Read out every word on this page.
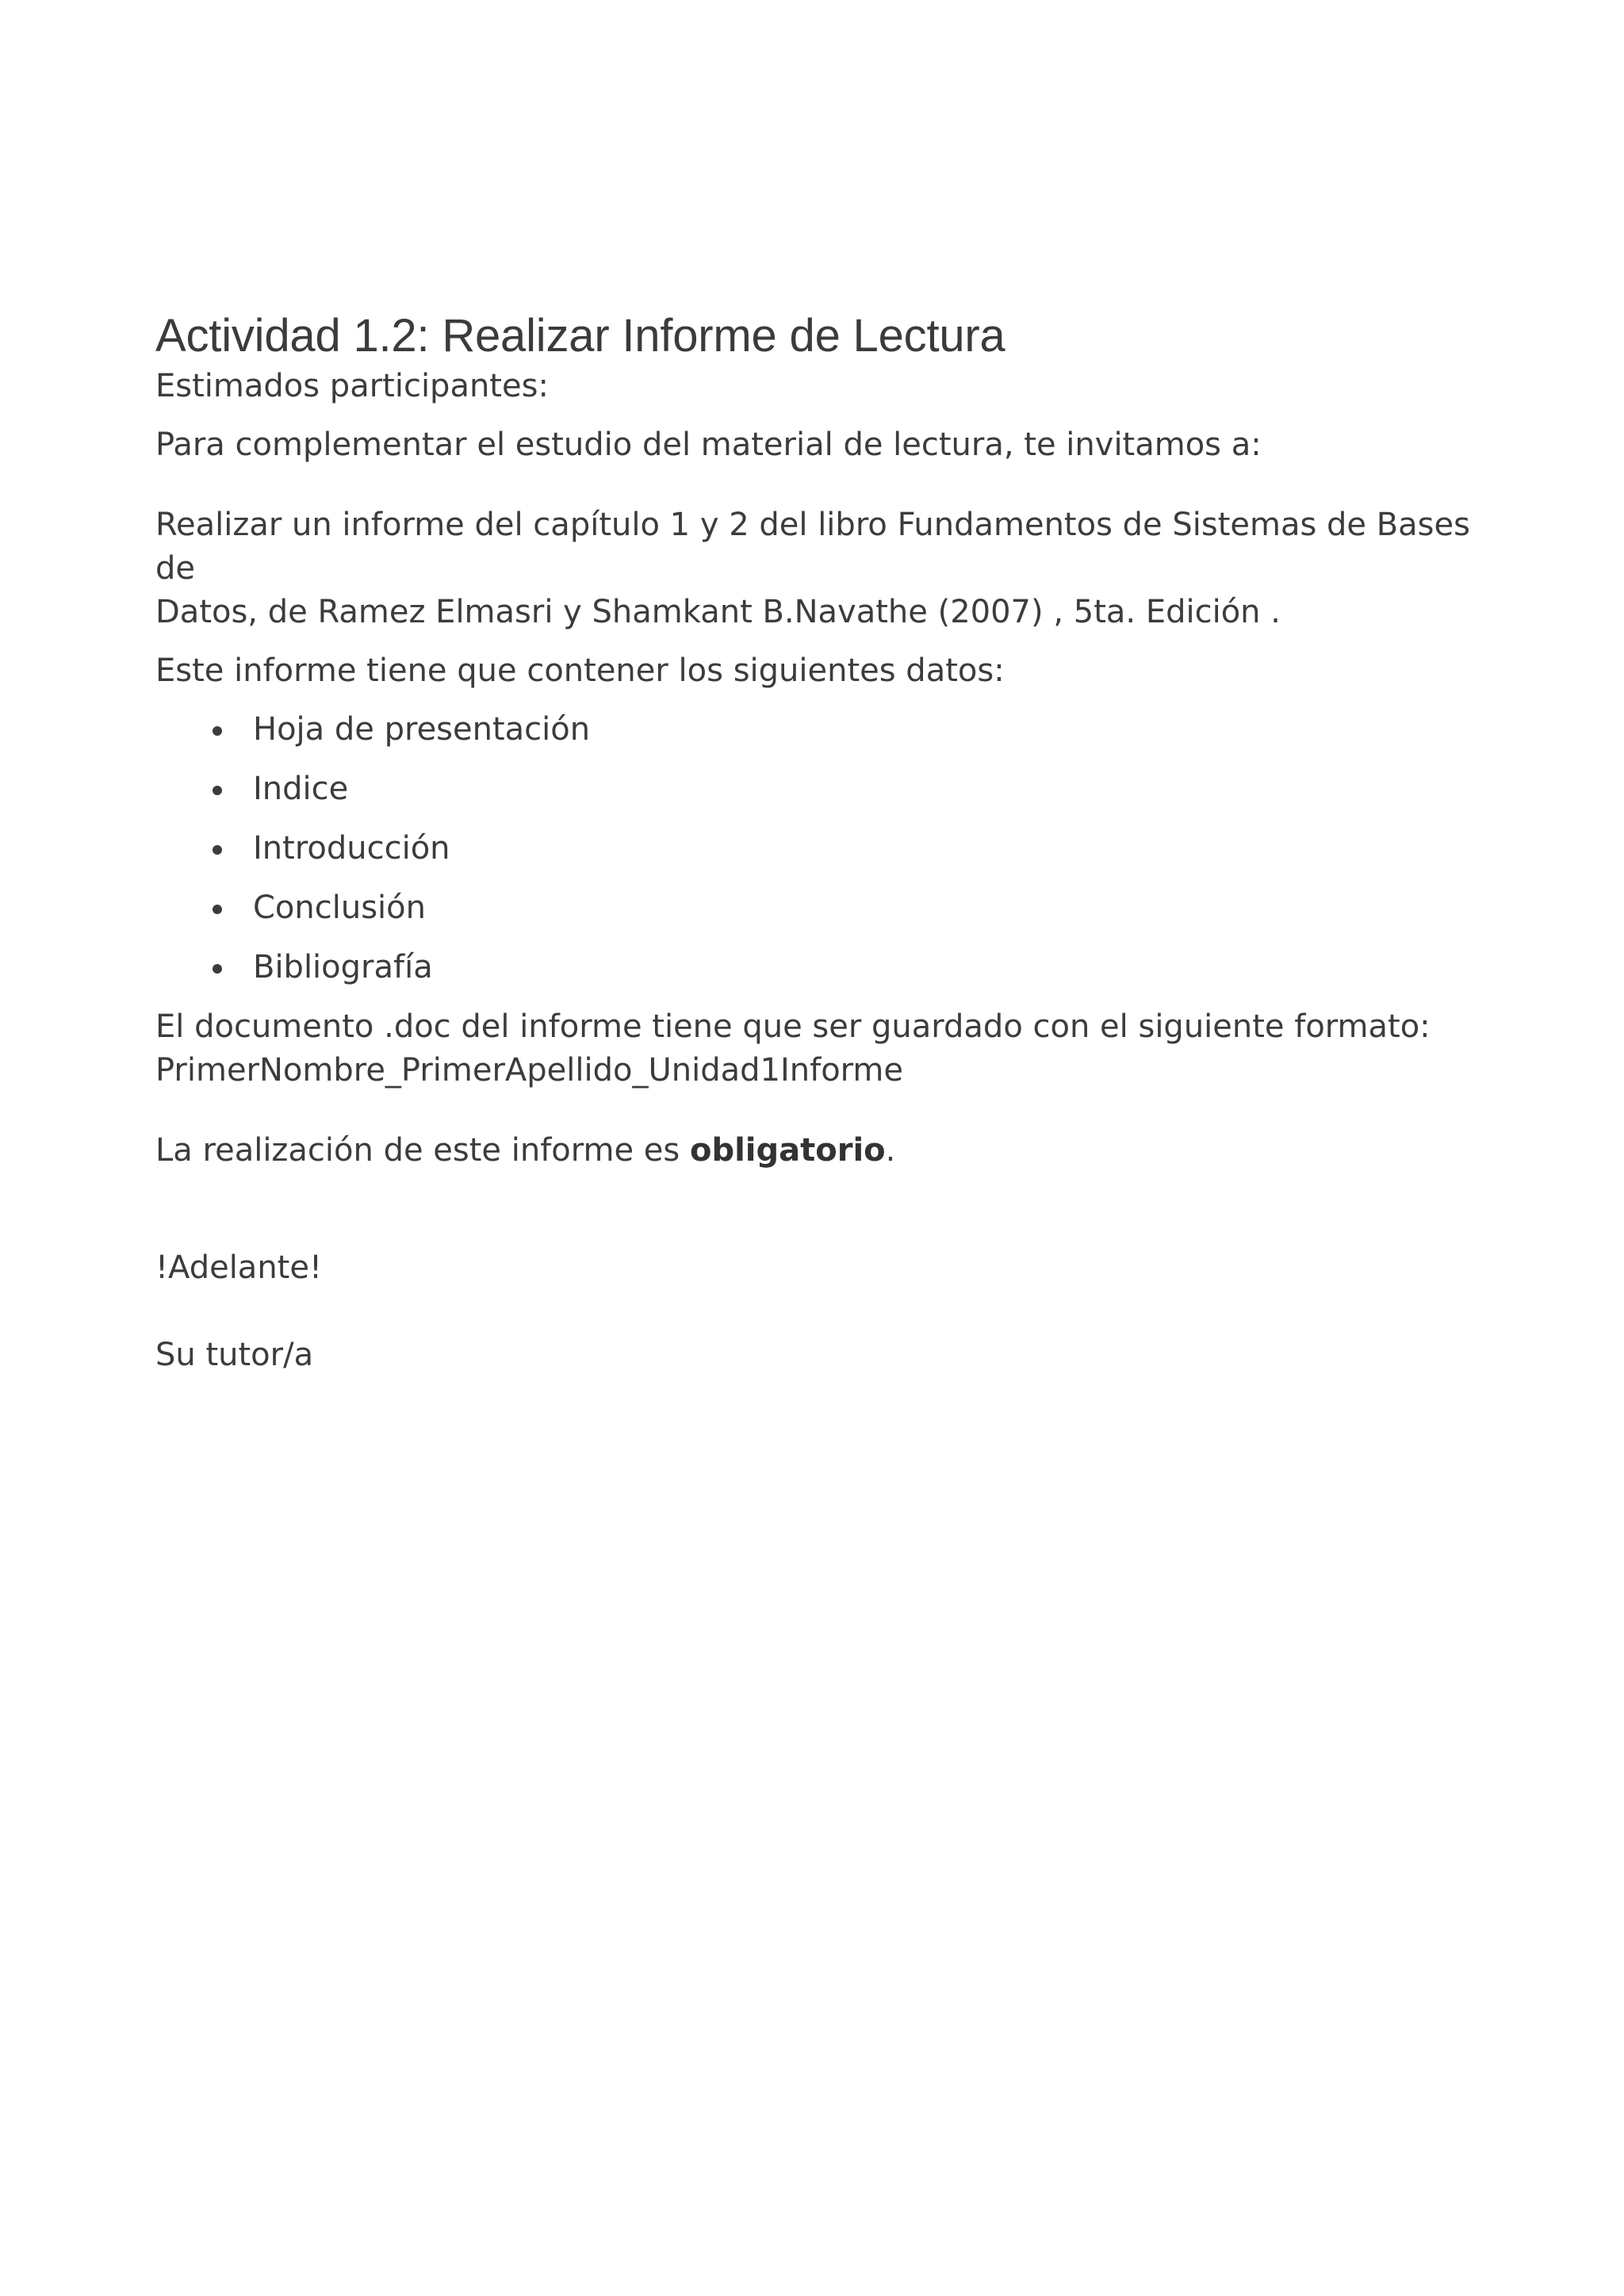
Actividad 1.2: Realizar Informe de Lectura

Estimados participantes:

Para complementar el estudio del material de lectura, te invitamos a:

Realizar un informe del capítulo 1 y 2 del libro Fundamentos de Sistemas de Bases de
Datos, de Ramez Elmasri y Shamkant B.Navathe (2007) , 5ta. Edición .

Este informe tiene que contener los siguientes datos:

Hoja de presentación
Indice
Introducción
Conclusión
Bibliografía

El documento .doc del informe tiene que ser guardado con el siguiente formato:
PrimerNombre_PrimerApellido_Unidad1Informe

La realización de este informe es obligatorio.

!Adelante!

Su tutor/a
